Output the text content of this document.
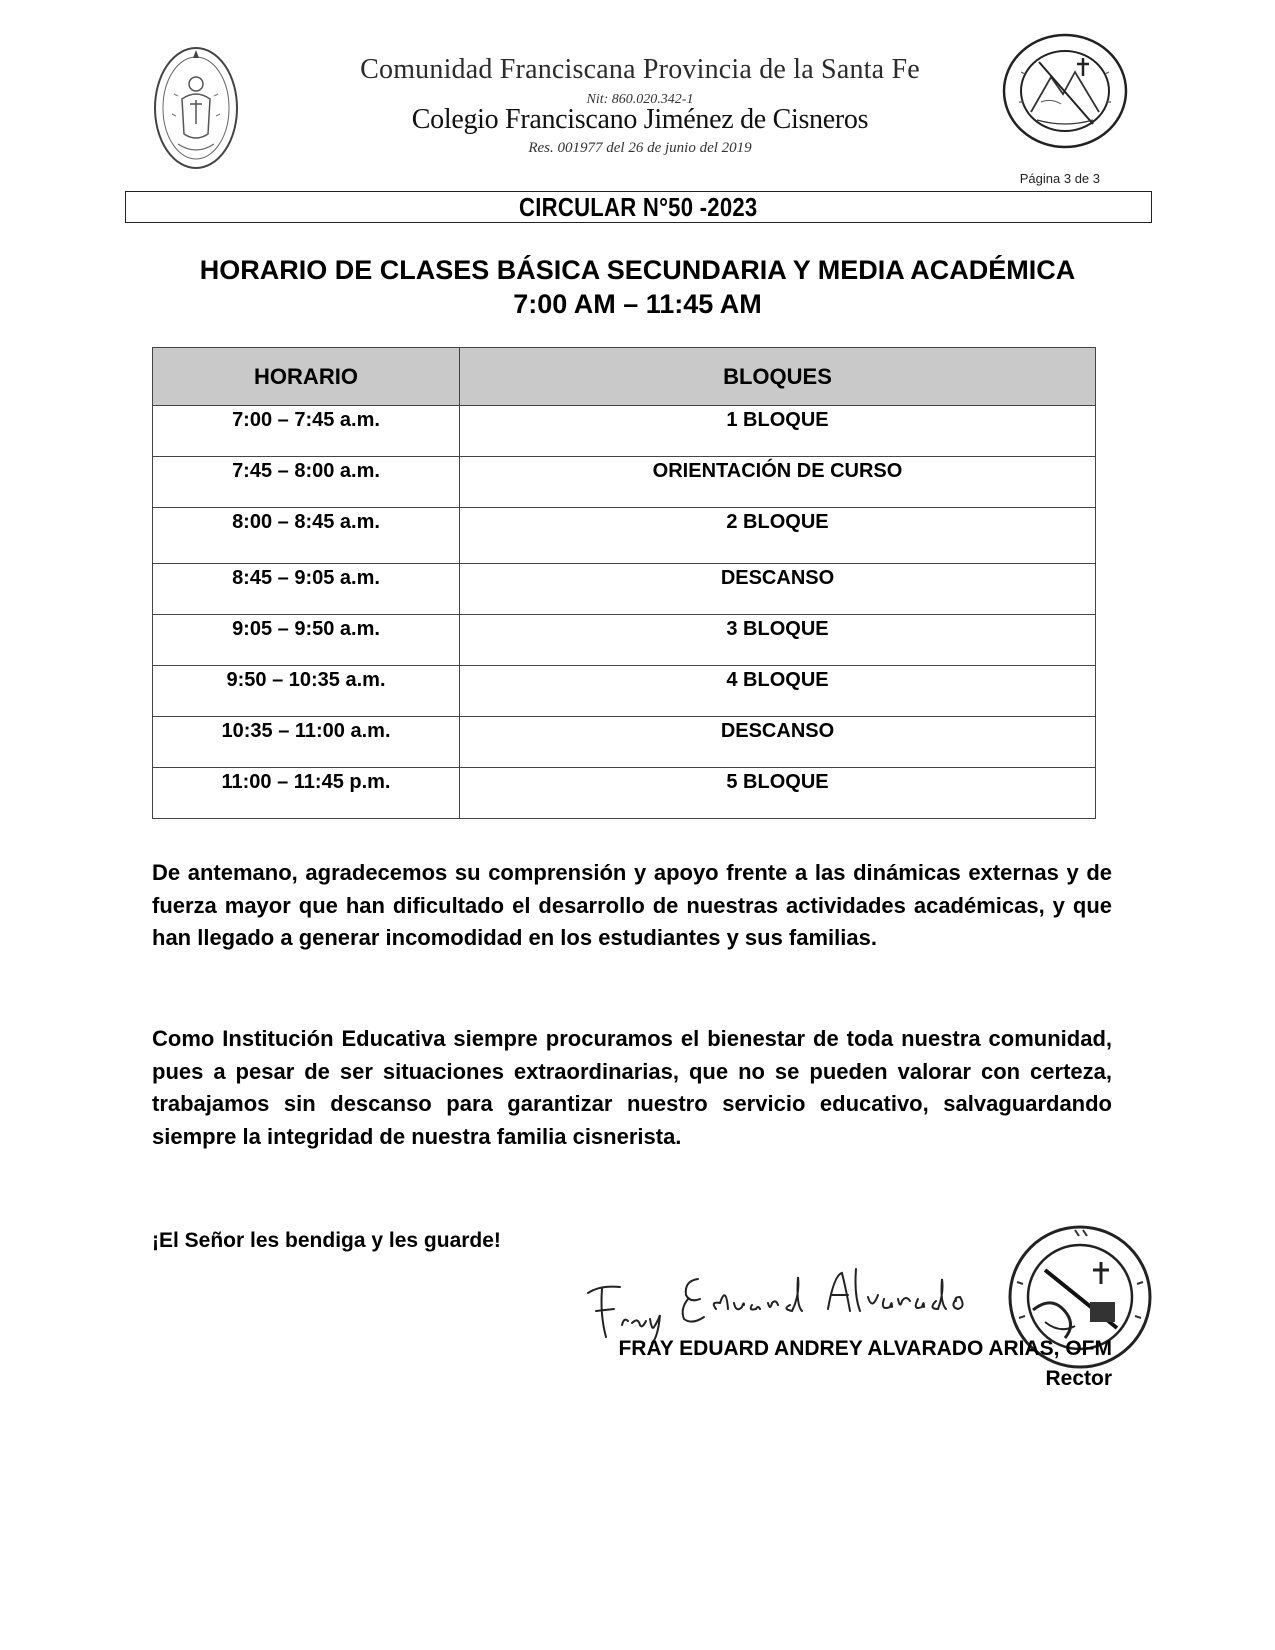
Comunidad Franciscana Provincia de la Santa Fe
Nit: 860.020.342-1
Colegio Franciscano Jiménez de Cisneros
Res. 001977 del 26 de junio del 2019
Página 3 de 3
CIRCULAR N°50 -2023
HORARIO DE CLASES BÁSICA SECUNDARIA Y MEDIA ACADÉMICA
7:00 AM – 11:45 AM
HORARIO	BLOQUES
7:00 – 7:45 a.m.	1 BLOQUE
7:45 – 8:00 a.m.	ORIENTACIÓN DE CURSO
8:00 – 8:45 a.m.	2 BLOQUE
8:45 – 9:05 a.m.	DESCANSO
9:05 – 9:50 a.m.	3 BLOQUE
9:50 – 10:35 a.m.	4 BLOQUE
10:35 – 11:00 a.m.	DESCANSO
11:00 – 11:45 p.m.	5 BLOQUE
De antemano, agradecemos su comprensión y apoyo frente a las dinámicas externas y de fuerza mayor que han dificultado el desarrollo de nuestras actividades académicas, y que han llegado a generar incomodidad en los estudiantes y sus familias.
Como Institución Educativa siempre procuramos el bienestar de toda nuestra comunidad, pues a pesar de ser situaciones extraordinarias, que no se pueden valorar con certeza, trabajamos sin descanso para garantizar nuestro servicio educativo, salvaguardando siempre la integridad de nuestra familia cisnerista.
¡El Señor les bendiga y les guarde!
FRAY EDUARD ANDREY ALVARADO ARIAS, OFM
Rector
